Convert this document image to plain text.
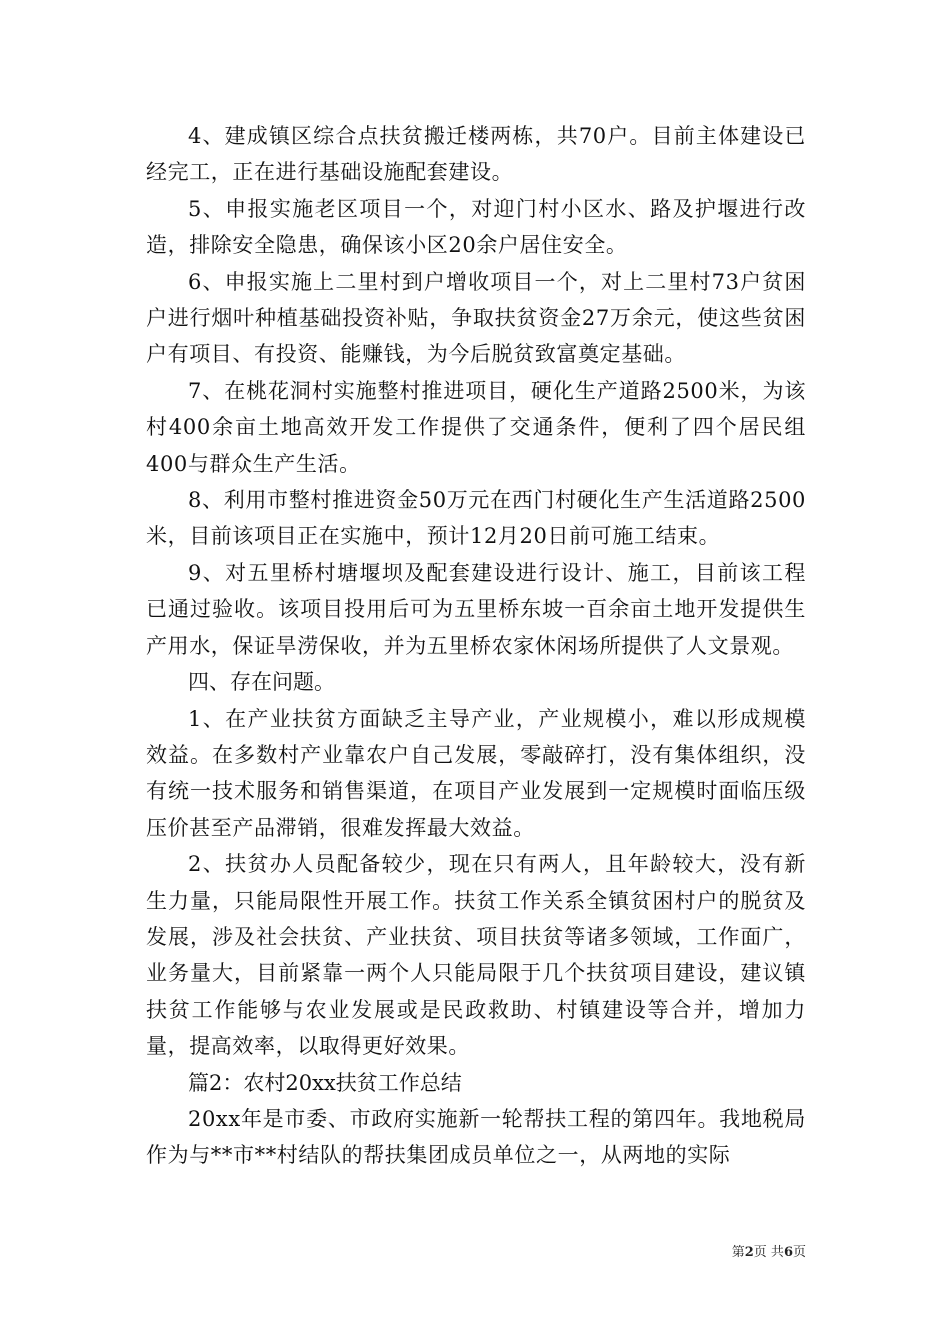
4、建成镇区综合点扶贫搬迁楼两栋，共70户。目前主体建设已经完工，正在进行基础设施配套建设。

5、申报实施老区项目一个，对迎门村小区水、路及护堰进行改造，排除安全隐患，确保该小区20余户居住安全。

6、申报实施上二里村到户增收项目一个，对上二里村73户贫困户进行烟叶种植基础投资补贴，争取扶贫资金27万余元，使这些贫困户有项目、有投资、能赚钱，为今后脱贫致富奠定基础。

7、在桃花洞村实施整村推进项目，硬化生产道路2500米，为该村400余亩土地高效开发工作提供了交通条件，便利了四个居民组400与群众生产生活。

8、利用市整村推进资金50万元在西门村硬化生产生活道路2500米，目前该项目正在实施中，预计12月20日前可施工结束。

9、对五里桥村塘堰坝及配套建设进行设计、施工，目前该工程已通过验收。该项目投用后可为五里桥东坡一百余亩土地开发提供生产用水，保证旱涝保收，并为五里桥农家休闲场所提供了人文景观。

四、存在问题。

1、在产业扶贫方面缺乏主导产业，产业规模小，难以形成规模效益。在多数村产业靠农户自己发展，零敲碎打，没有集体组织，没有统一技术服务和销售渠道，在项目产业发展到一定规模时面临压级压价甚至产品滞销，很难发挥最大效益。

2、扶贫办人员配备较少，现在只有两人，且年龄较大，没有新生力量，只能局限性开展工作。扶贫工作关系全镇贫困村户的脱贫及发展，涉及社会扶贫、产业扶贫、项目扶贫等诸多领域，工作面广，业务量大，目前紧靠一两个人只能局限于几个扶贫项目建设，建议镇扶贫工作能够与农业发展或是民政救助、村镇建设等合并，增加力量，提高效率，以取得更好效果。

篇2：农村20xx扶贫工作总结

20xx年是市委、市政府实施新一轮帮扶工程的第四年。我地税局作为与**市**村结队的帮扶集团成员单位之一，从两地的实际

第2页 共6页
